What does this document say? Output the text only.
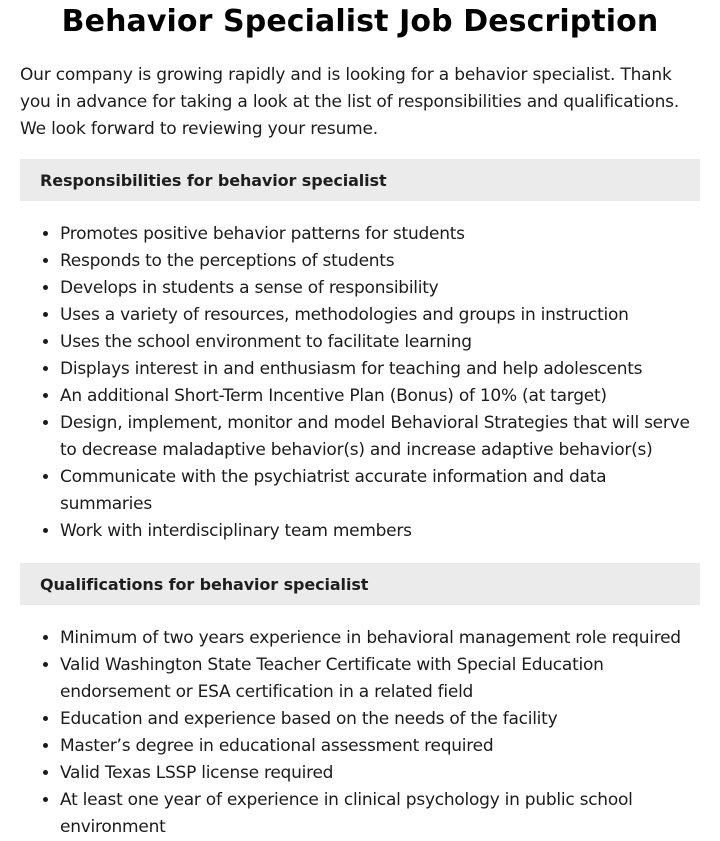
Behavior Specialist Job Description

Our company is growing rapidly and is looking for a behavior specialist. Thank you in advance for taking a look at the list of responsibilities and qualifications. We look forward to reviewing your resume.

Responsibilities for behavior specialist
• Promotes positive behavior patterns for students
• Responds to the perceptions of students
• Develops in students a sense of responsibility
• Uses a variety of resources, methodologies and groups in instruction
• Uses the school environment to facilitate learning
• Displays interest in and enthusiasm for teaching and help adolescents
• An additional Short-Term Incentive Plan (Bonus) of 10% (at target)
• Design, implement, monitor and model Behavioral Strategies that will serve to decrease maladaptive behavior(s) and increase adaptive behavior(s)
• Communicate with the psychiatrist accurate information and data summaries
• Work with interdisciplinary team members
Qualifications for behavior specialist
• Minimum of two years experience in behavioral management role required
• Valid Washington State Teacher Certificate with Special Education endorsement or ESA certification in a related field
• Education and experience based on the needs of the facility
• Master’s degree in educational assessment required
• Valid Texas LSSP license required
• At least one year of experience in clinical psychology in public school environment
